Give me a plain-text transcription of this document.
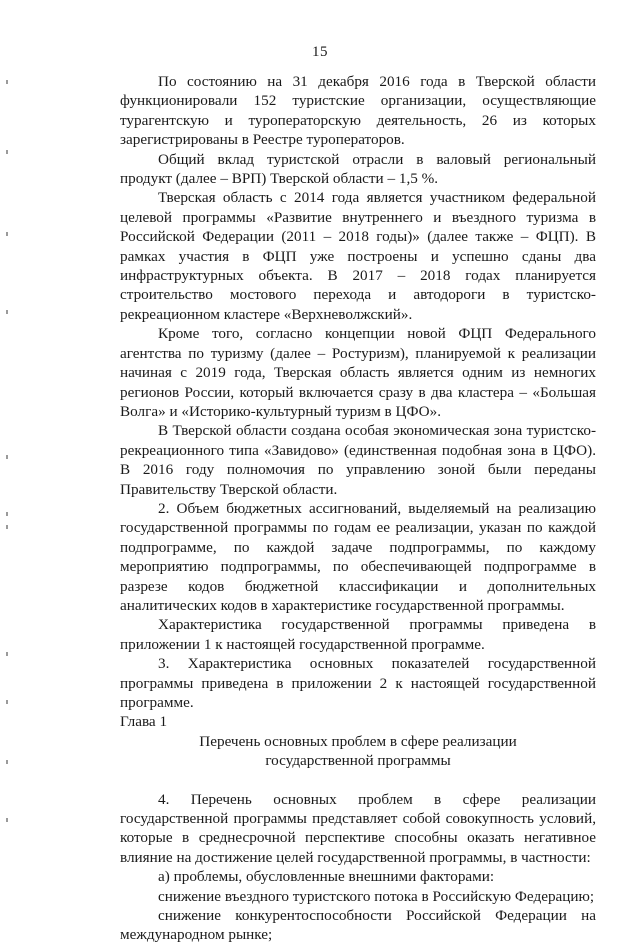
15

По состоянию на 31 декабря 2016 года в Тверской области функционировали 152 туристские организации, осуществляющие турагентскую и туроператорскую деятельность, 26 из которых зарегистрированы в Реестре туроператоров.

Общий вклад туристской отрасли в валовый региональный продукт (далее – ВРП) Тверской области – 1,5 %.

Тверская область с 2014 года является участником федеральной целевой программы «Развитие внутреннего и въездного туризма в Российской Федерации (2011 – 2018 годы)» (далее также – ФЦП). В рамках участия в ФЦП уже построены и успешно сданы два инфраструктурных объекта. В 2017 – 2018 годах планируется строительство мостового перехода и автодороги в туристско-рекреационном кластере «Верхневолжский».

Кроме того, согласно концепции новой ФЦП Федерального агентства по туризму (далее – Ростуризм), планируемой к реализации начиная с 2019 года, Тверская область является одним из немногих регионов России, который включается сразу в два кластера – «Большая Волга» и «Историко-культурный туризм в ЦФО».

В Тверской области создана особая экономическая зона туристско-рекреационного типа «Завидово» (единственная подобная зона в ЦФО). В 2016 году полномочия по управлению зоной были переданы Правительству Тверской области.

2. Объем бюджетных ассигнований, выделяемый на реализацию государственной программы по годам ее реализации, указан по каждой подпрограмме, по каждой задаче подпрограммы, по каждому мероприятию подпрограммы, по обеспечивающей подпрограмме в разрезе кодов бюджетной классификации и дополнительных аналитических кодов в характеристике государственной программы.

Характеристика государственной программы приведена в приложении 1 к настоящей государственной программе.

3. Характеристика основных показателей государственной программы приведена в приложении 2 к настоящей государственной программе.

Глава 1

Перечень основных проблем в сфере реализации
государственной программы

4. Перечень основных проблем в сфере реализации государственной программы представляет собой совокупность условий, которые в среднесрочной перспективе способны оказать негативное влияние на достижение целей государственной программы, в частности:

а) проблемы, обусловленные внешними факторами:

снижение въездного туристского потока в Российскую Федерацию;

снижение конкурентоспособности Российской Федерации на международном рынке;
